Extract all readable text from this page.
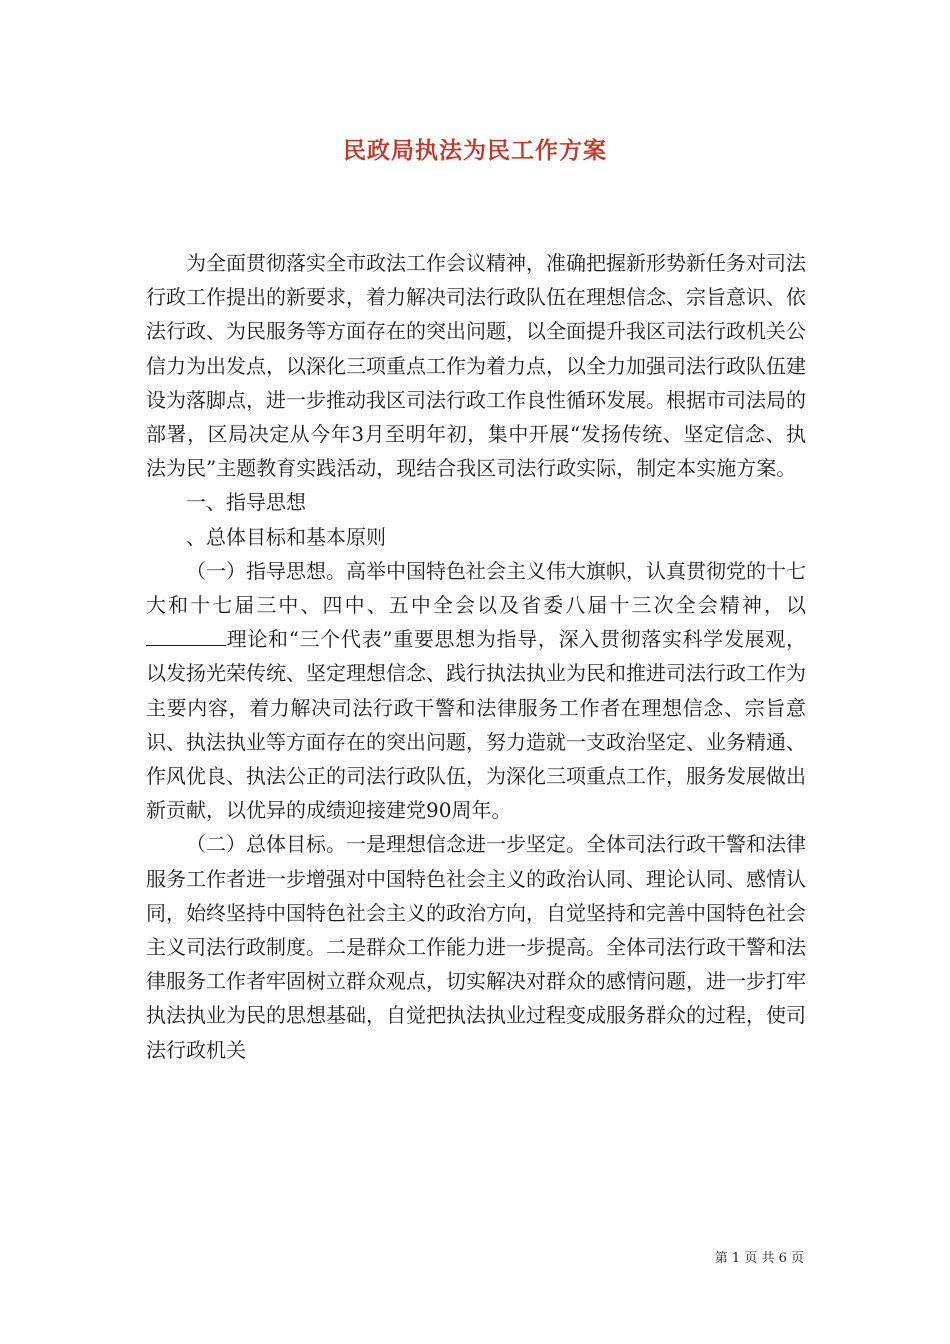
民政局执法为民工作方案

为全面贯彻落实全市政法工作会议精神，准确把握新形势新任务对司法行政工作提出的新要求，着力解决司法行政队伍在理想信念、宗旨意识、依法行政、为民服务等方面存在的突出问题，以全面提升我区司法行政机关公信力为出发点，以深化三项重点工作为着力点，以全力加强司法行政队伍建设为落脚点，进一步推动我区司法行政工作良性循环发展。根据市司法局的部署，区局决定从今年3月至明年初，集中开展“发扬传统、坚定信念、执法为民”主题教育实践活动，现结合我区司法行政实际，制定本实施方案。

一、指导思想

、总体目标和基本原则

（一）指导思想。高举中国特色社会主义伟大旗帜，认真贯彻党的十七大和十七届三中、四中、五中全会以及省委八届十三次全会精神，以理论和“三个代表”重要思想为指导，深入贯彻落实科学发展观，以发扬光荣传统、坚定理想信念、践行执法执业为民和推进司法行政工作为主要内容，着力解决司法行政干警和法律服务工作者在理想信念、宗旨意识、执法执业等方面存在的突出问题，努力造就一支政治坚定、业务精通、作风优良、执法公正的司法行政队伍，为深化三项重点工作，服务发展做出新贡献，以优异的成绩迎接建党90周年。

（二）总体目标。一是理想信念进一步坚定。全体司法行政干警和法律服务工作者进一步增强对中国特色社会主义的政治认同、理论认同、感情认同，始终坚持中国特色社会主义的政治方向，自觉坚持和完善中国特色社会主义司法行政制度。二是群众工作能力进一步提高。全体司法行政干警和法律服务工作者牢固树立群众观点，切实解决对群众的感情问题，进一步打牢执法执业为民的思想基础，自觉把执法执业过程变成服务群众的过程，使司法行政机关

第 1 页 共 6 页
